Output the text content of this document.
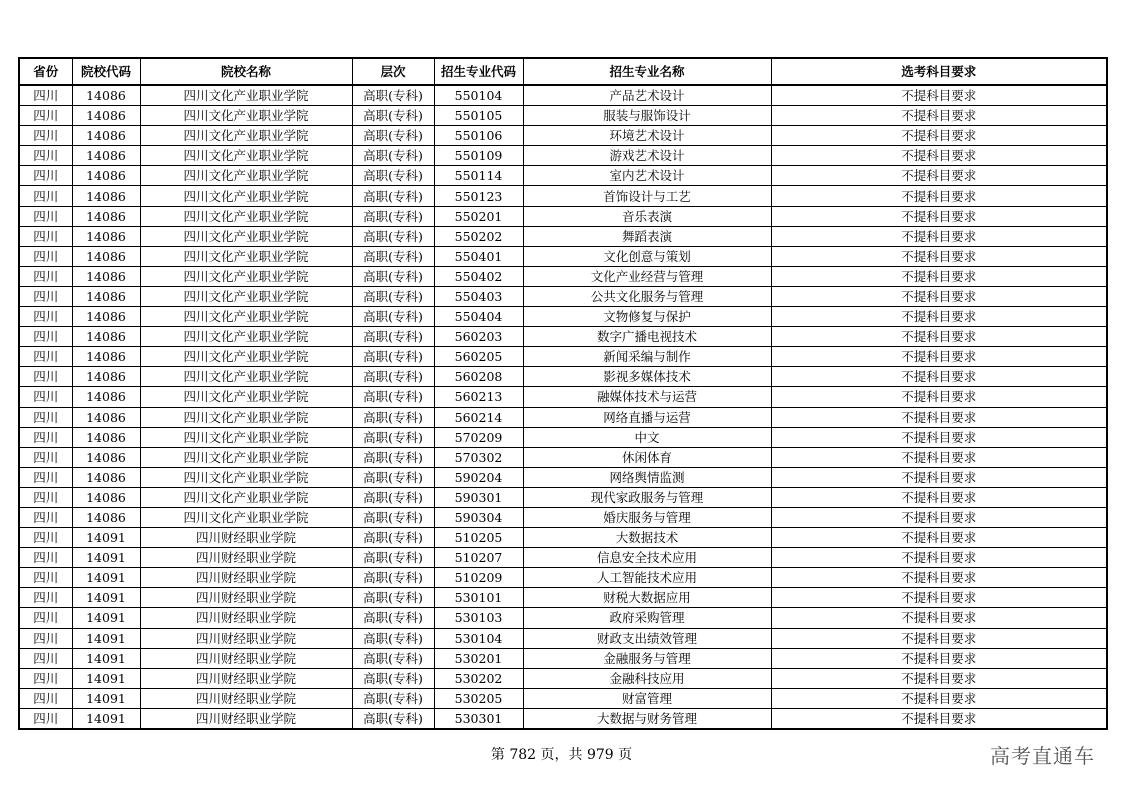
省份	院校代码	院校名称	层次	招生专业代码	招生专业名称	选考科目要求
四川	14086	四川文化产业职业学院	高职(专科)	550104	产品艺术设计	不提科目要求
四川	14086	四川文化产业职业学院	高职(专科)	550105	服装与服饰设计	不提科目要求
四川	14086	四川文化产业职业学院	高职(专科)	550106	环境艺术设计	不提科目要求
四川	14086	四川文化产业职业学院	高职(专科)	550109	游戏艺术设计	不提科目要求
四川	14086	四川文化产业职业学院	高职(专科)	550114	室内艺术设计	不提科目要求
四川	14086	四川文化产业职业学院	高职(专科)	550123	首饰设计与工艺	不提科目要求
四川	14086	四川文化产业职业学院	高职(专科)	550201	音乐表演	不提科目要求
四川	14086	四川文化产业职业学院	高职(专科)	550202	舞蹈表演	不提科目要求
四川	14086	四川文化产业职业学院	高职(专科)	550401	文化创意与策划	不提科目要求
四川	14086	四川文化产业职业学院	高职(专科)	550402	文化产业经营与管理	不提科目要求
四川	14086	四川文化产业职业学院	高职(专科)	550403	公共文化服务与管理	不提科目要求
四川	14086	四川文化产业职业学院	高职(专科)	550404	文物修复与保护	不提科目要求
四川	14086	四川文化产业职业学院	高职(专科)	560203	数字广播电视技术	不提科目要求
四川	14086	四川文化产业职业学院	高职(专科)	560205	新闻采编与制作	不提科目要求
四川	14086	四川文化产业职业学院	高职(专科)	560208	影视多媒体技术	不提科目要求
四川	14086	四川文化产业职业学院	高职(专科)	560213	融媒体技术与运营	不提科目要求
四川	14086	四川文化产业职业学院	高职(专科)	560214	网络直播与运营	不提科目要求
四川	14086	四川文化产业职业学院	高职(专科)	570209	中文	不提科目要求
四川	14086	四川文化产业职业学院	高职(专科)	570302	休闲体育	不提科目要求
四川	14086	四川文化产业职业学院	高职(专科)	590204	网络舆情监测	不提科目要求
四川	14086	四川文化产业职业学院	高职(专科)	590301	现代家政服务与管理	不提科目要求
四川	14086	四川文化产业职业学院	高职(专科)	590304	婚庆服务与管理	不提科目要求
四川	14091	四川财经职业学院	高职(专科)	510205	大数据技术	不提科目要求
四川	14091	四川财经职业学院	高职(专科)	510207	信息安全技术应用	不提科目要求
四川	14091	四川财经职业学院	高职(专科)	510209	人工智能技术应用	不提科目要求
四川	14091	四川财经职业学院	高职(专科)	530101	财税大数据应用	不提科目要求
四川	14091	四川财经职业学院	高职(专科)	530103	政府采购管理	不提科目要求
四川	14091	四川财经职业学院	高职(专科)	530104	财政支出绩效管理	不提科目要求
四川	14091	四川财经职业学院	高职(专科)	530201	金融服务与管理	不提科目要求
四川	14091	四川财经职业学院	高职(专科)	530202	金融科技应用	不提科目要求
四川	14091	四川财经职业学院	高职(专科)	530205	财富管理	不提科目要求
四川	14091	四川财经职业学院	高职(专科)	530301	大数据与财务管理	不提科目要求
第 782 页，共 979 页	高考直通车
